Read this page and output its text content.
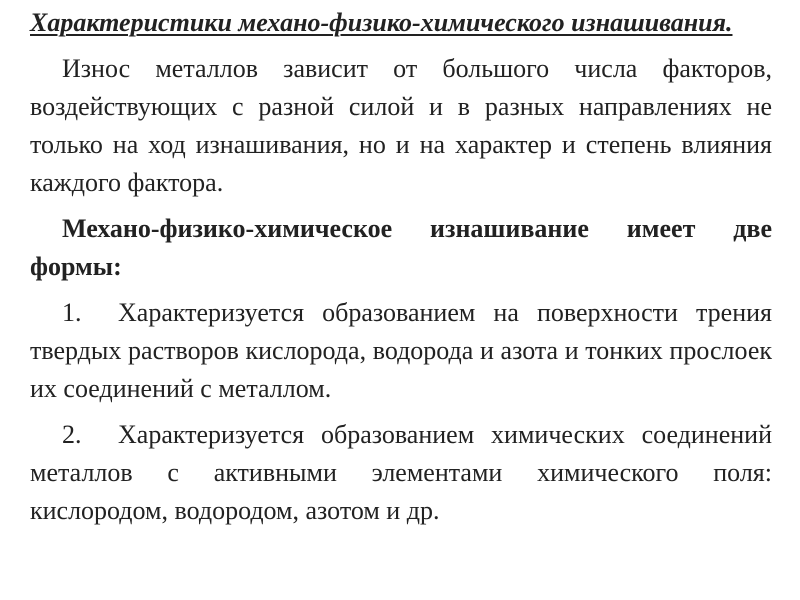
Характеристики механо-физико-химического изнашивания.

Износ металлов зависит от большого числа факторов, воздействующих с разной силой и в разных направлениях не только на ход изнашивания, но и на характер и степень влияния каждого фактора.

Механо-физико-химическое изнашивание имеет две формы:

1. Характеризуется образованием на поверхности трения твердых растворов кислорода, водорода и азота и тонких прослоек их соединений с металлом.

2. Характеризуется образованием химических соединений металлов с активными элементами химического поля: кислородом, водородом, азотом и др.
